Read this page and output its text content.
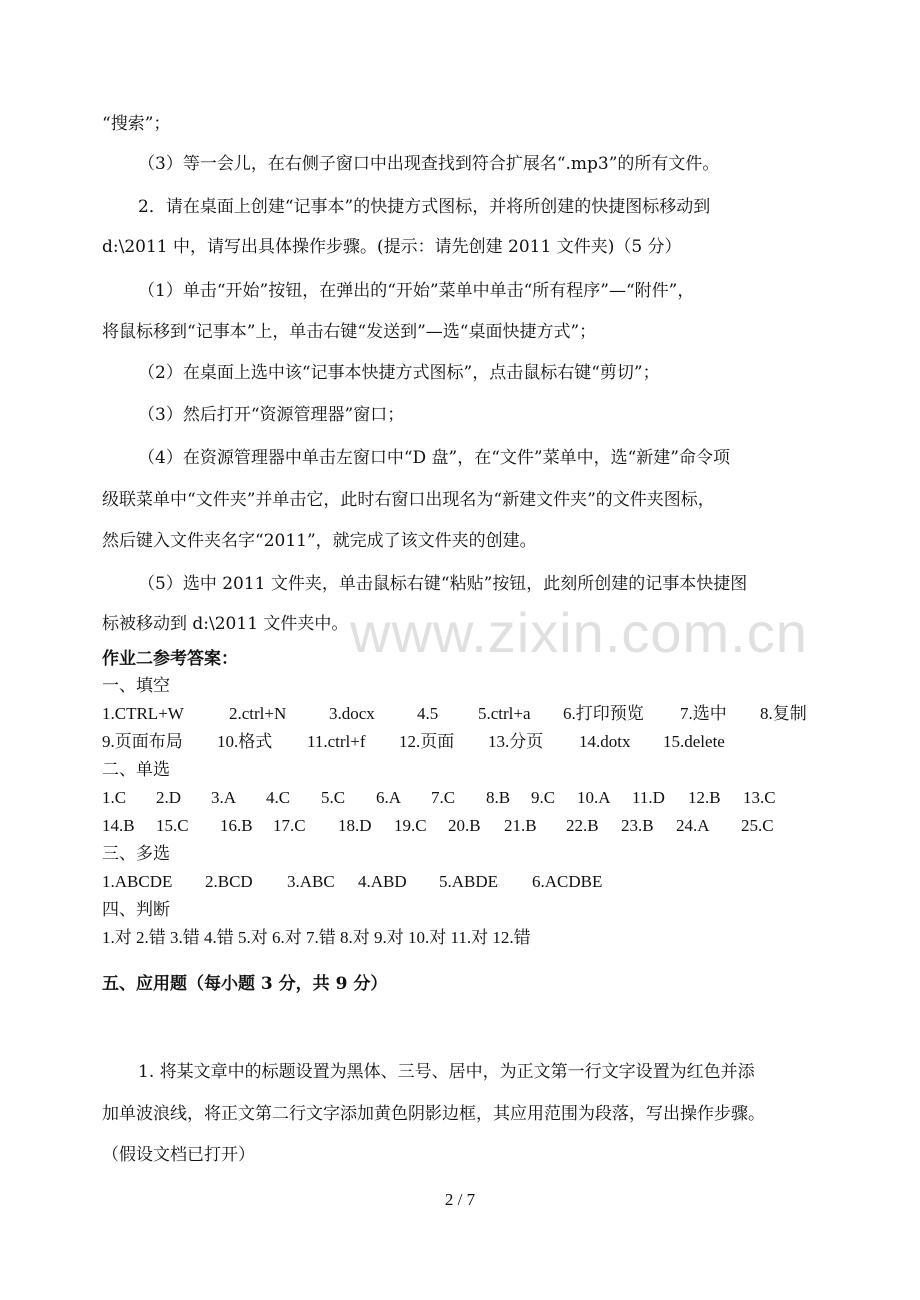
www.zixin.com.cn
“搜索”；
（3）等一会儿，在右侧子窗口中出现查找到符合扩展名“.mp3”的所有文件。
2．请在桌面上创建“记事本”的快捷方式图标，并将所创建的快捷图标移动到
d:\2011 中，请写出具体操作步骤。(提示：请先创建 2011 文件夹)（5 分）
（1）单击“开始”按钮，在弹出的“开始”菜单中单击“所有程序”—“附件”，
将鼠标移到“记事本”上，单击右键“发送到”—选“桌面快捷方式”；
（2）在桌面上选中该“记事本快捷方式图标”，点击鼠标右键“剪切”；
（3）然后打开“资源管理器”窗口；
（4）在资源管理器中单击左窗口中“D 盘”，在“文件”菜单中，选“新建”命令项
级联菜单中“文件夹”并单击它，此时右窗口出现名为“新建文件夹”的文件夹图标，
然后键入文件夹名字“2011”，就完成了该文件夹的创建。
（5）选中 2011 文件夹，单击鼠标右键“粘贴”按钮，此刻所创建的记事本快捷图
标被移动到 d:\2011 文件夹中。
作业二参考答案：
一、填空
1.CTRL+W	2.ctrl+N	3.docx 4.5 5.ctrl+a 6.打印预览 7.选中 8.复制
9.页面布局 10.格式 11.ctrl+f 12.页面 13.分页 14.dotx 15.delete
二、单选
1.C 2.D 3.A 4.C 5.C 6.A 7.C 8.B 9.C 10.A 11.D 12.B 13.C
14.B 15.C 16.B 17.C 18.D 19.C 20.B 21.B 22.B 23.B 24.A 25.C
三、多选
1.ABCDE 2.BCD 3.ABC 4.ABD 5.ABDE 6.ACDBE
四、判断
1.对 2.错 3.错 4.错 5.对 6.对 7.错 8.对 9.对 10.对 11.对 12.错
五、应用题（每小题 3 分，共 9 分）
1. 将某文章中的标题设置为黑体、三号、居中，为正文第一行文字设置为红色并添
加单波浪线，将正文第二行文字添加黄色阴影边框，其应用范围为段落，写出操作步骤。
（假设文档已打开）
2 / 7
